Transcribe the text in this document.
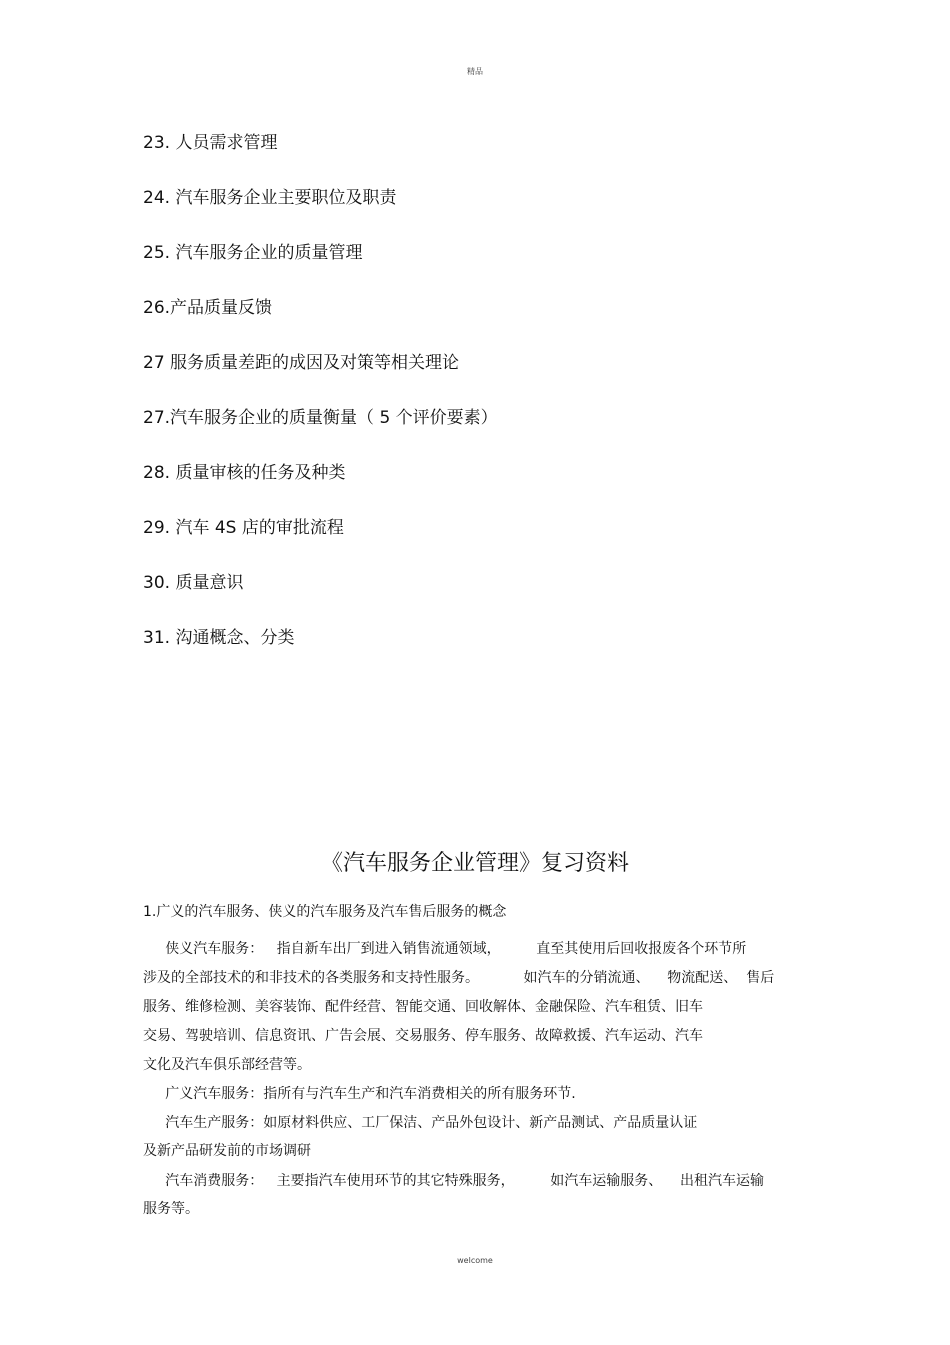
精品
23. 人员需求管理
24. 汽车服务企业主要职位及职责
25. 汽车服务企业的质量管理
26.产品质量反馈
27 服务质量差距的成因及对策等相关理论
27.汽车服务企业的质量衡量（ 5 个评价要素）
28. 质量审核的任务及种类
29. 汽车 4S 店的审批流程
30. 质量意识
31. 沟通概念、分类
《汽车服务企业管理》复习资料
1.广义的汽车服务、侠义的汽车服务及汽车售后服务的概念
侠义汽车服务：   指自新车出厂到进入销售流通领域，        直至其使用后回收报废各个环节所
涉及的全部技术的和非技术的各类服务和支持性服务。          如汽车的分销流通、    物流配送、  售后
服务、维修检测、美容装饰、配件经营、智能交通、回收解体、金融保险、汽车租赁、旧车
交易、驾驶培训、信息资讯、广告会展、交易服务、停车服务、故障救援、汽车运动、汽车
文化及汽车俱乐部经营等。
广义汽车服务：指所有与汽车生产和汽车消费相关的所有服务环节.
汽车生产服务：如原材料供应、工厂保洁、产品外包设计、新产品测试、产品质量认证
及新产品研发前的市场调研
汽车消费服务：   主要指汽车使用环节的其它特殊服务，        如汽车运输服务、    出租汽车运输
服务等。
welcome
